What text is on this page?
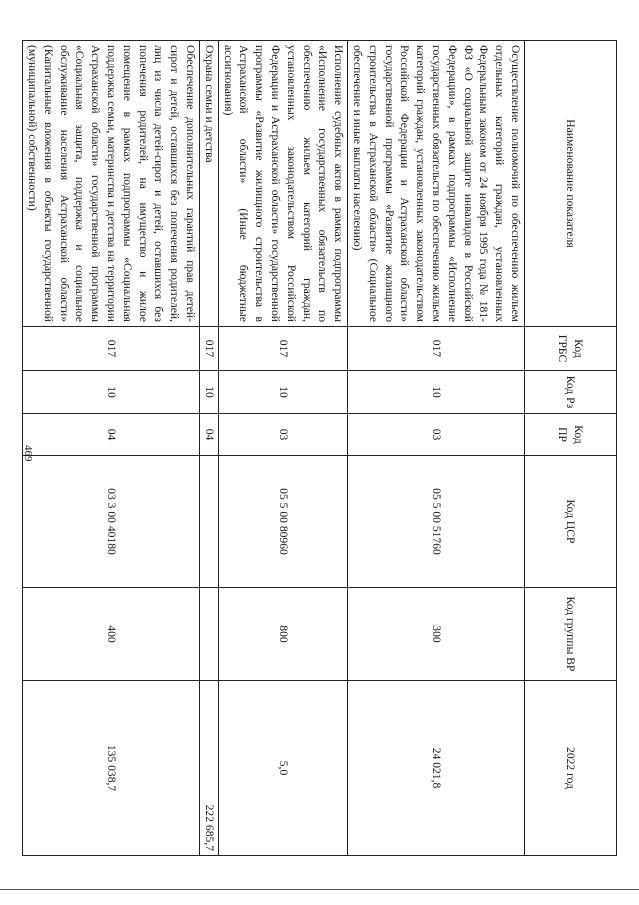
469
Наименование показателя	Код ГРБС	Код Рз	Код ПР	Код ЦСР	Код группы ВР	2022 год
Осуществление полномочий по обеспечению жильем отдельных категорий граждан, установленных Федеральным законом от 24 ноября 1995 года № 181-ФЗ «О социальной защите инвалидов в Российской Федерации», в рамках подпрограммы «Исполнение государственных обязательств по обеспечению жильем категорий граждан, установленных законодательством Российской Федерации и Астраханской области» государственной программы «Развитие жилищного строительства в Астраханской области» (Социальное обеспечение и иные выплаты населению)	017	10	03	05 5 00 51760	300	24 021,8
Исполнение судебных актов в рамках подпрограммы «Исполнение государственных обязательств по обеспечению жильем категорий граждан, установленных законодательством Российской Федерации и Астраханской области» государственной программы «Развитие жилищного строительства в Астраханской области» (Иные бюджетные ассигнования)	017	10	03	05 5 00 80960	800	5,0
Охрана семьи и детства	017	10	04			222 685,7
Обеспечение дополнительных гарантий прав детей-сирот и детей, оставшихся без попечения родителей, лиц из числа детей-сирот и детей, оставшихся без попечения родителей, на имущество и жилое помещение в рамках подпрограммы «Социальная поддержка семьи, материнства и детства на территории Астраханской области» государственной программы «Социальная защита, поддержка и социальное обслуживание населения Астраханской области» (Капитальные вложения в объекты государственной (муниципальной) собственности)	017	10	04	03 3 00 40180	400	135 038,7
